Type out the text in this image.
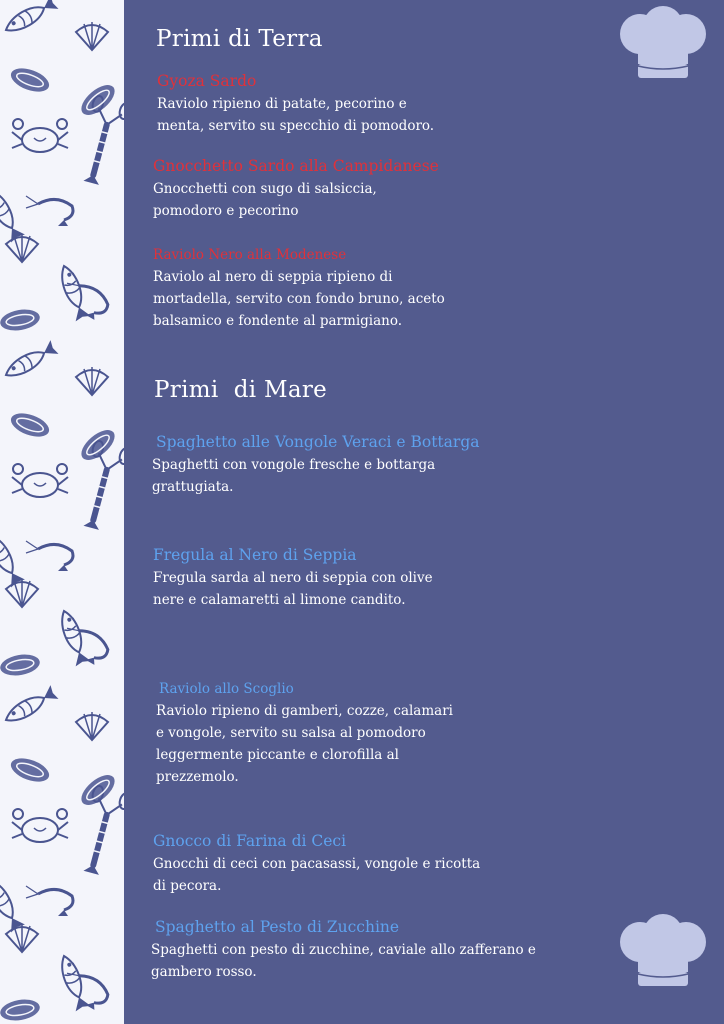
Primi di Terra
Gyoza Sardo
Raviolo ripieno di patate, pecorino e
menta, servito su specchio di pomodoro.
Gnocchetto Sardo alla Campidanese
Gnocchetti con sugo di salsiccia,
pomodoro e pecorino
Raviolo Nero alla Modenese
Raviolo al nero di seppia ripieno di
mortadella, servito con fondo bruno, aceto
balsamico e fondente al parmigiano.
Primi  di Mare
Spaghetto alle Vongole Veraci e Bottarga
Spaghetti con vongole fresche e bottarga
grattugiata.
Fregula al Nero di Seppia
Fregula sarda al nero di seppia con olive
nere e calamaretti al limone candito.
Raviolo allo Scoglio
Raviolo ripieno di gamberi, cozze, calamari
e vongole, servito su salsa al pomodoro
leggermente piccante e clorofilla al
prezzemolo.
Gnocco di Farina di Ceci
Gnocchi di ceci con pacasassi, vongole e ricotta
di pecora.
Spaghetto al Pesto di Zucchine
Spaghetti con pesto di zucchine, caviale allo zafferano e
gambero rosso.
